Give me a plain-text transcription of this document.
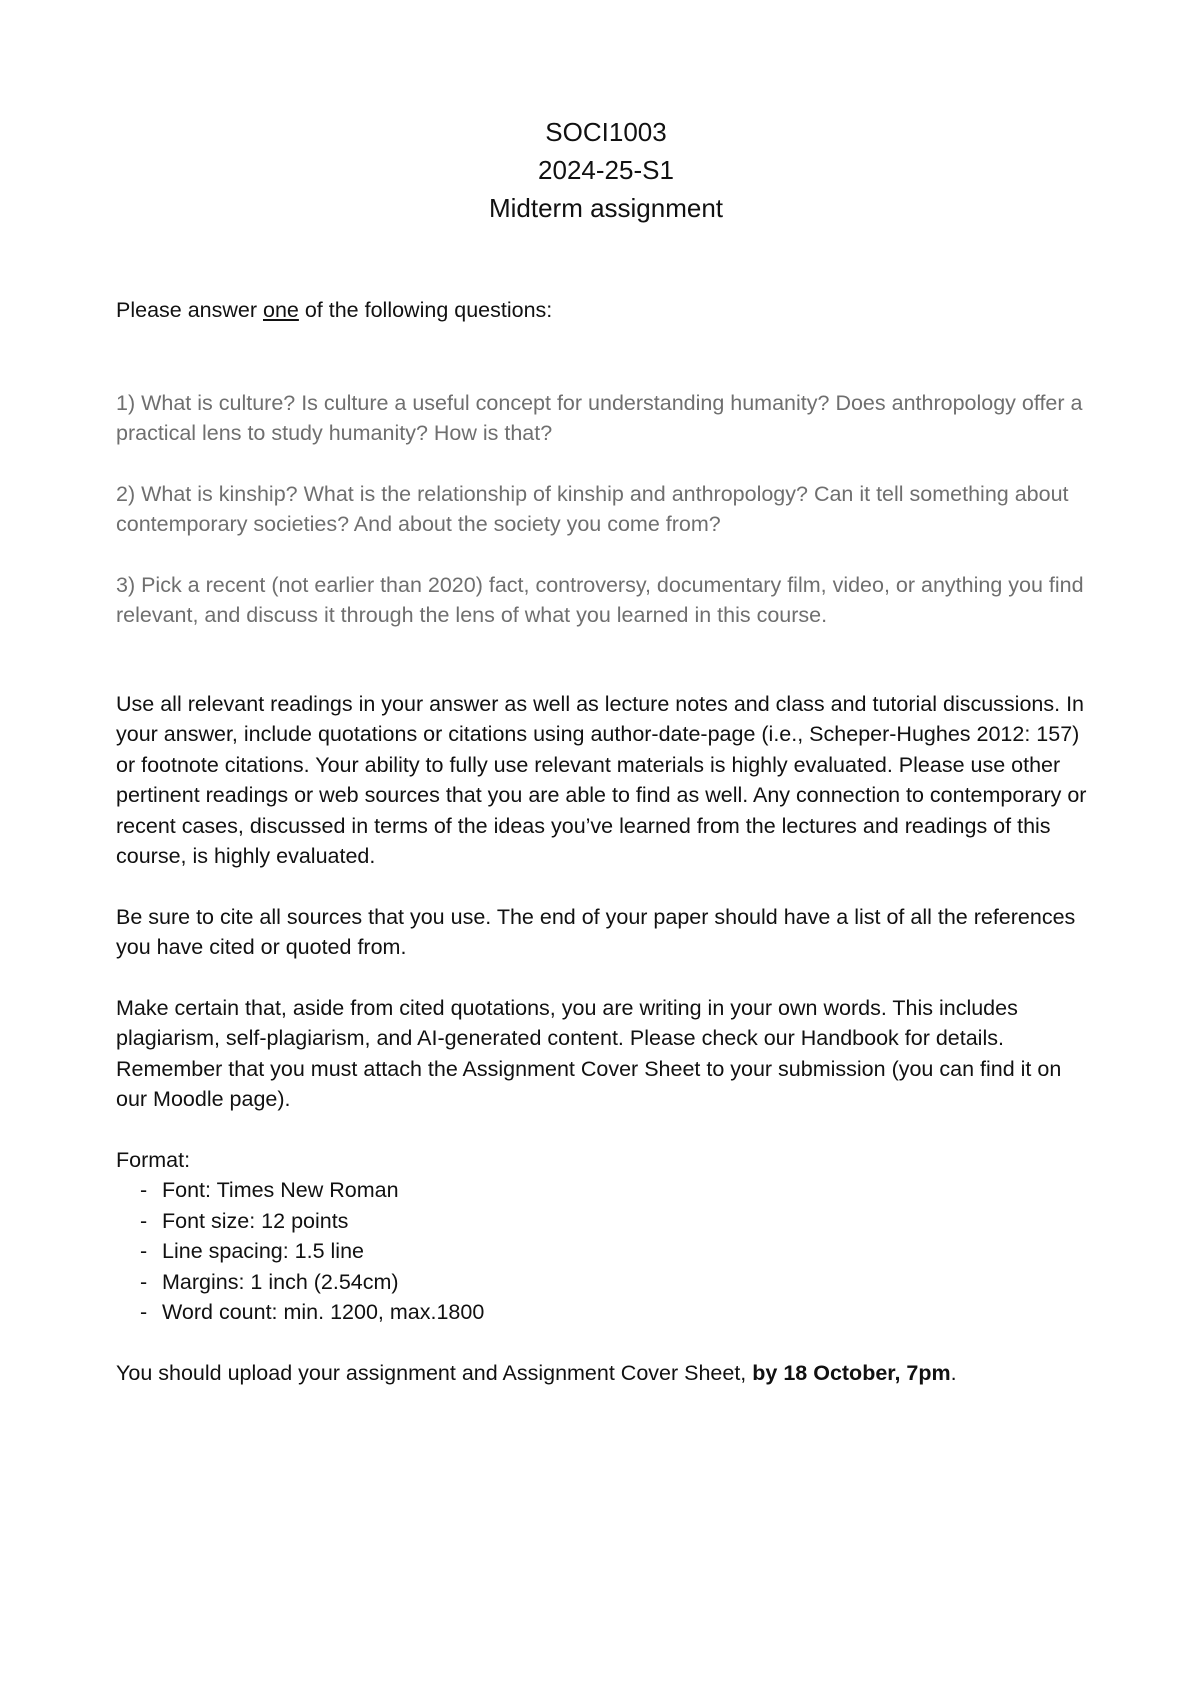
SOCI1003
2024-25-S1
Midterm assignment
Please answer one of the following questions:

1) What is culture? Is culture a useful concept for understanding humanity? Does anthropology offer a practical lens to study humanity? How is that?

2) What is kinship? What is the relationship of kinship and anthropology? Can it tell something about contemporary societies? And about the society you come from?

3) Pick a recent (not earlier than 2020) fact, controversy, documentary film, video, or anything you find relevant, and discuss it through the lens of what you learned in this course.

Use all relevant readings in your answer as well as lecture notes and class and tutorial discussions. In your answer, include quotations or citations using author-date-page (i.e., Scheper-Hughes 2012: 157) or footnote citations. Your ability to fully use relevant materials is highly evaluated. Please use other pertinent readings or web sources that you are able to find as well. Any connection to contemporary or recent cases, discussed in terms of the ideas you’ve learned from the lectures and readings of this course, is highly evaluated.

Be sure to cite all sources that you use. The end of your paper should have a list of all the references you have cited or quoted from.

Make certain that, aside from cited quotations, you are writing in your own words. This includes plagiarism, self-plagiarism, and AI-generated content. Please check our Handbook for details. Remember that you must attach the Assignment Cover Sheet to your submission (you can find it on our Moodle page).

Format:
- Font: Times New Roman
- Font size: 12 points
- Line spacing: 1.5 line
- Margins: 1 inch (2.54cm)
- Word count: min. 1200, max.1800
You should upload your assignment and Assignment Cover Sheet, by 18 October, 7pm.
